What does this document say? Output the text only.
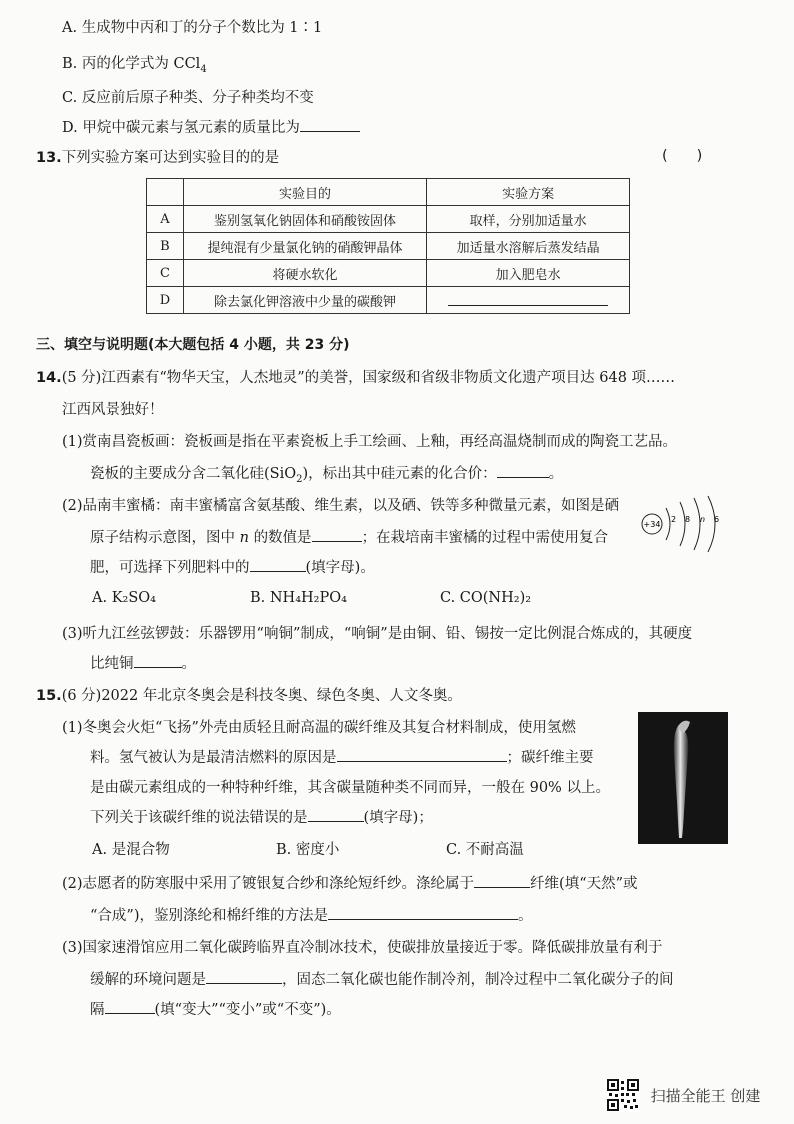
A. 生成物中丙和丁的分子个数比为 1∶1
B. 丙的化学式为 CCl$_4$
C. 反应前后原子种类、分子种类均不变
D. 甲烷中碳元素与氢元素的质量比为
13.下列实验方案可达到实验目的的是	(　　)
	实验目的	实验方案
A	鉴别氢氧化钠固体和硝酸铵固体	取样，分别加适量水
B	提纯混有少量氯化钠的硝酸钾晶体	加适量水溶解后蒸发结晶
C	将硬水软化	加入肥皂水
D	除去氯化钾溶液中少量的碳酸钾	
三、填空与说明题(本大题包括 4 小题，共 23 分)
14.(5 分)江西素有“物华天宝，人杰地灵”的美誉，国家级和省级非物质文化遗产项目达 648 项……
江西风景独好！
(1)赏南昌瓷板画：瓷板画是指在平素瓷板上手工绘画、上釉，再经高温烧制而成的陶瓷工艺品。
瓷板的主要成分含二氧化硅(SiO$_2$)，标出其中硅元素的化合价：	。
(2)品南丰蜜橘：南丰蜜橘富含氨基酸、维生素，以及硒、铁等多种微量元素，如图是硒
原子结构示意图，图中 n 的数值是	；在栽培南丰蜜橘的过程中需使用复合
肥，可选择下列肥料中的	(填字母)。
+34
2 8 n 6
A. K₂SO₄	B. NH₄H₂PO₄	C. CO(NH₂)₂
(3)听九江丝弦锣鼓：乐器锣用“响铜”制成，“响铜”是由铜、铅、锡按一定比例混合炼成的，其硬度
比纯铜	。
15.(6 分)2022 年北京冬奥会是科技冬奥、绿色冬奥、人文冬奥。
(1)冬奥会火炬“飞扬”外壳由质轻且耐高温的碳纤维及其复合材料制成，使用氢燃
料。氢气被认为是最清洁燃料的原因是	；碳纤维主要
是由碳元素组成的一种特种纤维，其含碳量随种类不同而异，一般在 90% 以上。
下列关于该碳纤维的说法错误的是	(填字母)；
A. 是混合物	B. 密度小	C. 不耐高温
(2)志愿者的防寒服中采用了镀银复合纱和涤纶短纤纱。涤纶属于	纤维(填“天然”或
“合成”)，鉴别涤纶和棉纤维的方法是	。
(3)国家速滑馆应用二氧化碳跨临界直冷制冰技术，使碳排放量接近于零。降低碳排放量有利于
缓解的环境问题是	，固态二氧化碳也能作制冷剂，制冷过程中二氧化碳分子的间
隔	(填“变大”“变小”或“不变”)。
扫描全能王 创建
